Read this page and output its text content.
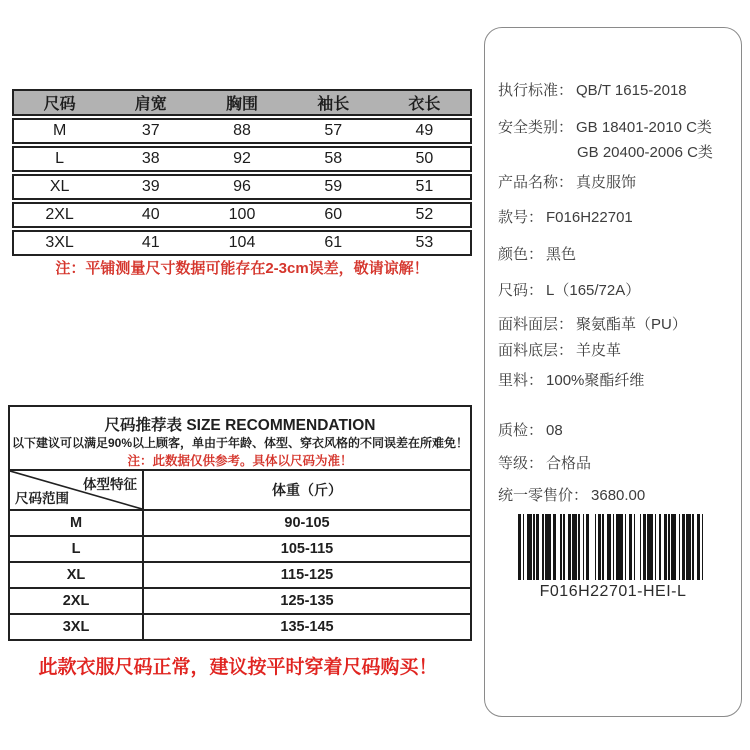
尺码	肩宽	胸围	袖长	衣长
M	37	88	57	49
L	38	92	58	50
XL	39	96	59	51
2XL	40	100	60	52
3XL	41	104	61	53
注：平铺测量尺寸数据可能存在2-3cm误差，敬请谅解！
尺码推荐表 SIZE RECOMMENDATION
以下建议可以满足90%以上顾客，单由于年龄、体型、穿衣风格的不同误差在所难免！
注：此数据仅供参考。具体以尺码为准！
体型特征
尺码范围
体重（斤）
M	90-105
L	105-115
XL	115-125
2XL	125-135
3XL	135-145
此款衣服尺码正常，建议按平时穿着尺码购买！
执行标准： QB/T 1615-2018
安全类别： GB 18401-2010 C类
GB 20400-2006 C类
产品名称： 真皮服饰
款号： F016H22701
颜色： 黑色
尺码： L（165/72A）
面料面层： 聚氨酯革（PU）
面料底层： 羊皮革
里料： 100%聚酯纤维
质检： 08
等级： 合格品
统一零售价： 3680.00
F016H22701-HEI-L
